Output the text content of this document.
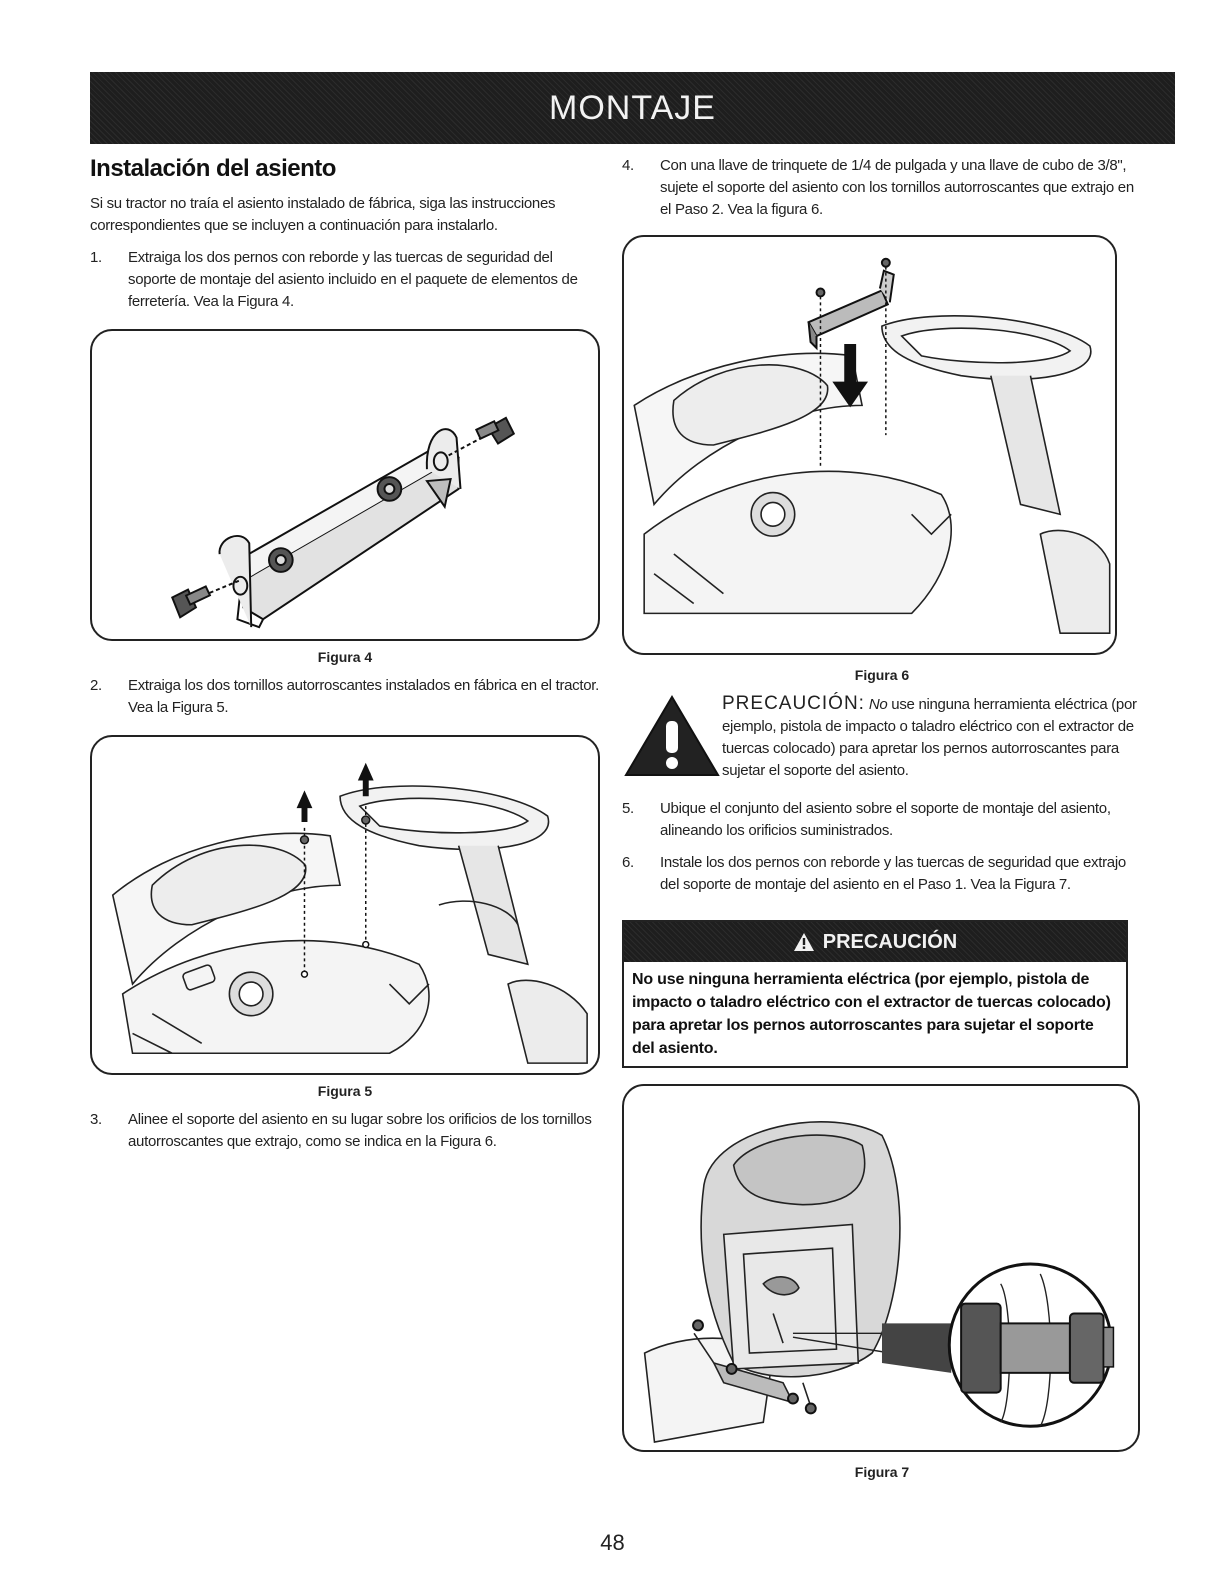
MONTAJE
Instalación del asiento

Si su tractor no traía el asiento instalado de fábrica, siga las instrucciones correspondientes que se incluyen a continuación para instalarlo.

1.	Extraiga los dos pernos con reborde y las tuercas de seguridad del soporte de montaje del asiento incluido en el paquete de elementos de ferretería. Vea la Figura 4.
Figura 4
2.	Extraiga los dos tornillos autorroscantes instalados en fábrica en el tractor. Vea la Figura 5.
Figura 5
3.	Alinee el soporte del asiento en su lugar sobre los orificios de los tornillos autorroscantes que extrajo, como se indica en la Figura 6.
4.	Con una llave de trinquete de 1/4 de pulgada y una llave de cubo de 3/8", sujete el soporte del asiento con los tornillos autorroscantes que extrajo en el Paso 2. Vea la figura 6.
Figura 6
PRECAUCIÓN: No use ninguna herramienta eléctrica (por ejemplo, pistola de impacto o taladro eléctrico con el extractor de tuercas colocado) para apretar los pernos autorroscantes para sujetar el soporte del asiento.
5.	Ubique el conjunto del asiento sobre el soporte de montaje del asiento, alineando los orificios suministrados.
6.	Instale los dos pernos con reborde y las tuercas de seguridad que extrajo del soporte de montaje del asiento en el Paso 1. Vea la Figura 7.
PRECAUCIÓN
No use ninguna herramienta eléctrica (por ejemplo, pistola de impacto o taladro eléctrico con el extractor de tuercas colocado) para apretar los pernos autorroscantes para sujetar el soporte del asiento.
Figura 7
48
